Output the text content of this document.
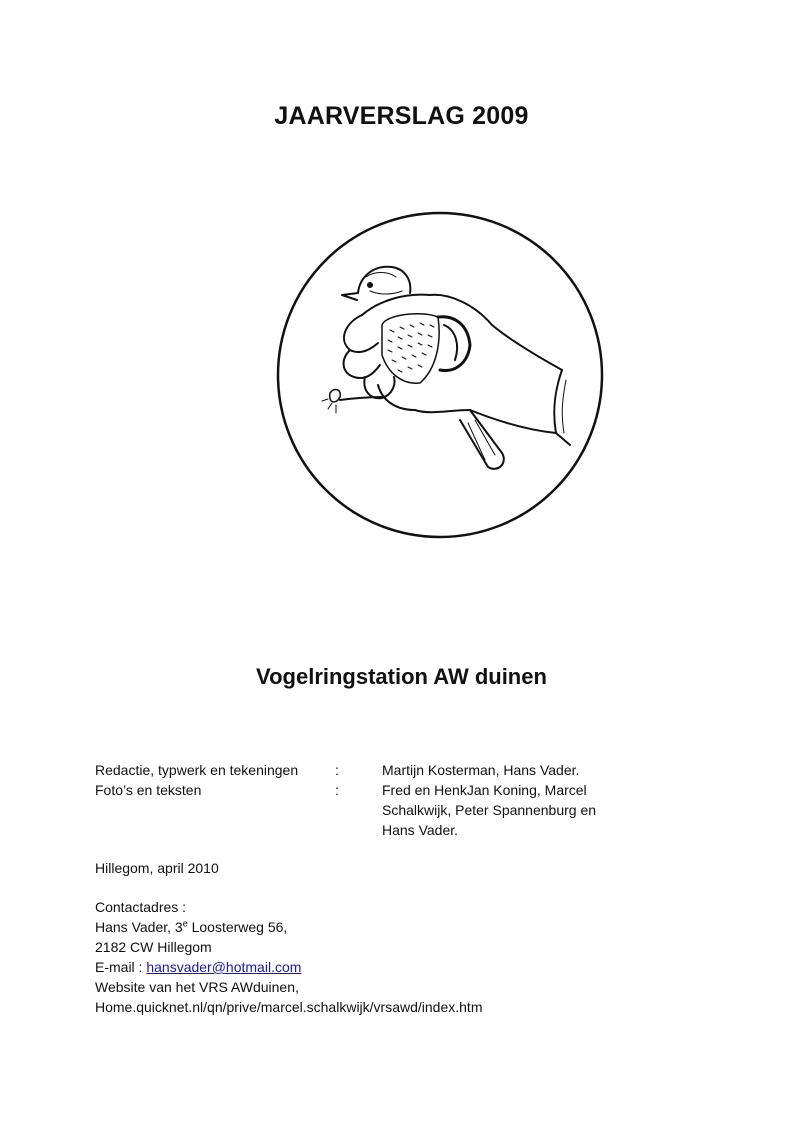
JAARVERSLAG 2009
Vogelringstation AW duinen
Redactie, typwerk en tekeningen	:	Martijn Kosterman, Hans Vader.
Foto’s en teksten	:	Fred en HenkJan Koning, Marcel Schalkwijk, Peter Spannenburg en Hans Vader.
Hillegom, april 2010
Contactadres :
Hans Vader, 3e Loosterweg 56,
2182 CW Hillegom
E-mail : hansvader@hotmail.com
Website van het VRS AWduinen,
Home.quicknet.nl/qn/prive/marcel.schalkwijk/vrsawd/index.htm
